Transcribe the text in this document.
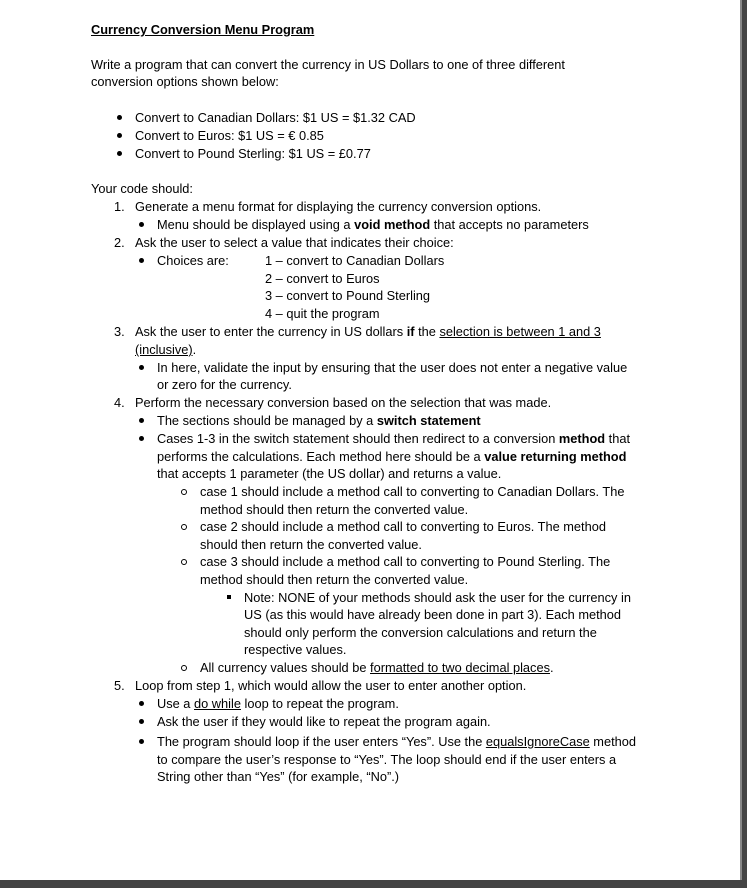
Currency Conversion Menu Program
Write a program that can convert the currency in US Dollars to one of three different
conversion options shown below:
Convert to Canadian Dollars: $1 US = $1.32 CAD
Convert to Euros: $1 US = € 0.85
Convert to Pound Sterling: $1 US = £0.77
Your code should:
1. Generate a menu format for displaying the currency conversion options.
Menu should be displayed using a void method that accepts no parameters
2. Ask the user to select a value that indicates their choice:
Choices are:	1 – convert to Canadian Dollars
2 – convert to Euros
3 – convert to Pound Sterling
4 – quit the program
3. Ask the user to enter the currency in US dollars if the selection is between 1 and 3
(inclusive).
In here, validate the input by ensuring that the user does not enter a negative value
or zero for the currency.
4. Perform the necessary conversion based on the selection that was made.
The sections should be managed by a switch statement
Cases 1-3 in the switch statement should then redirect to a conversion method that
performs the calculations. Each method here should be a value returning method
that accepts 1 parameter (the US dollar) and returns a value.
case 1 should include a method call to converting to Canadian Dollars. The
method should then return the converted value.
case 2 should include a method call to converting to Euros. The method
should then return the converted value.
case 3 should include a method call to converting to Pound Sterling. The
method should then return the converted value.
Note: NONE of your methods should ask the user for the currency in
US (as this would have already been done in part 3). Each method
should only perform the conversion calculations and return the
respective values.
All currency values should be formatted to two decimal places.
5. Loop from step 1, which would allow the user to enter another option.
Use a do while loop to repeat the program.
Ask the user if they would like to repeat the program again.
The program should loop if the user enters “Yes”. Use the equalsIgnoreCase method
to compare the user’s response to “Yes”. The loop should end if the user enters a
String other than “Yes” (for example, “No”.)
